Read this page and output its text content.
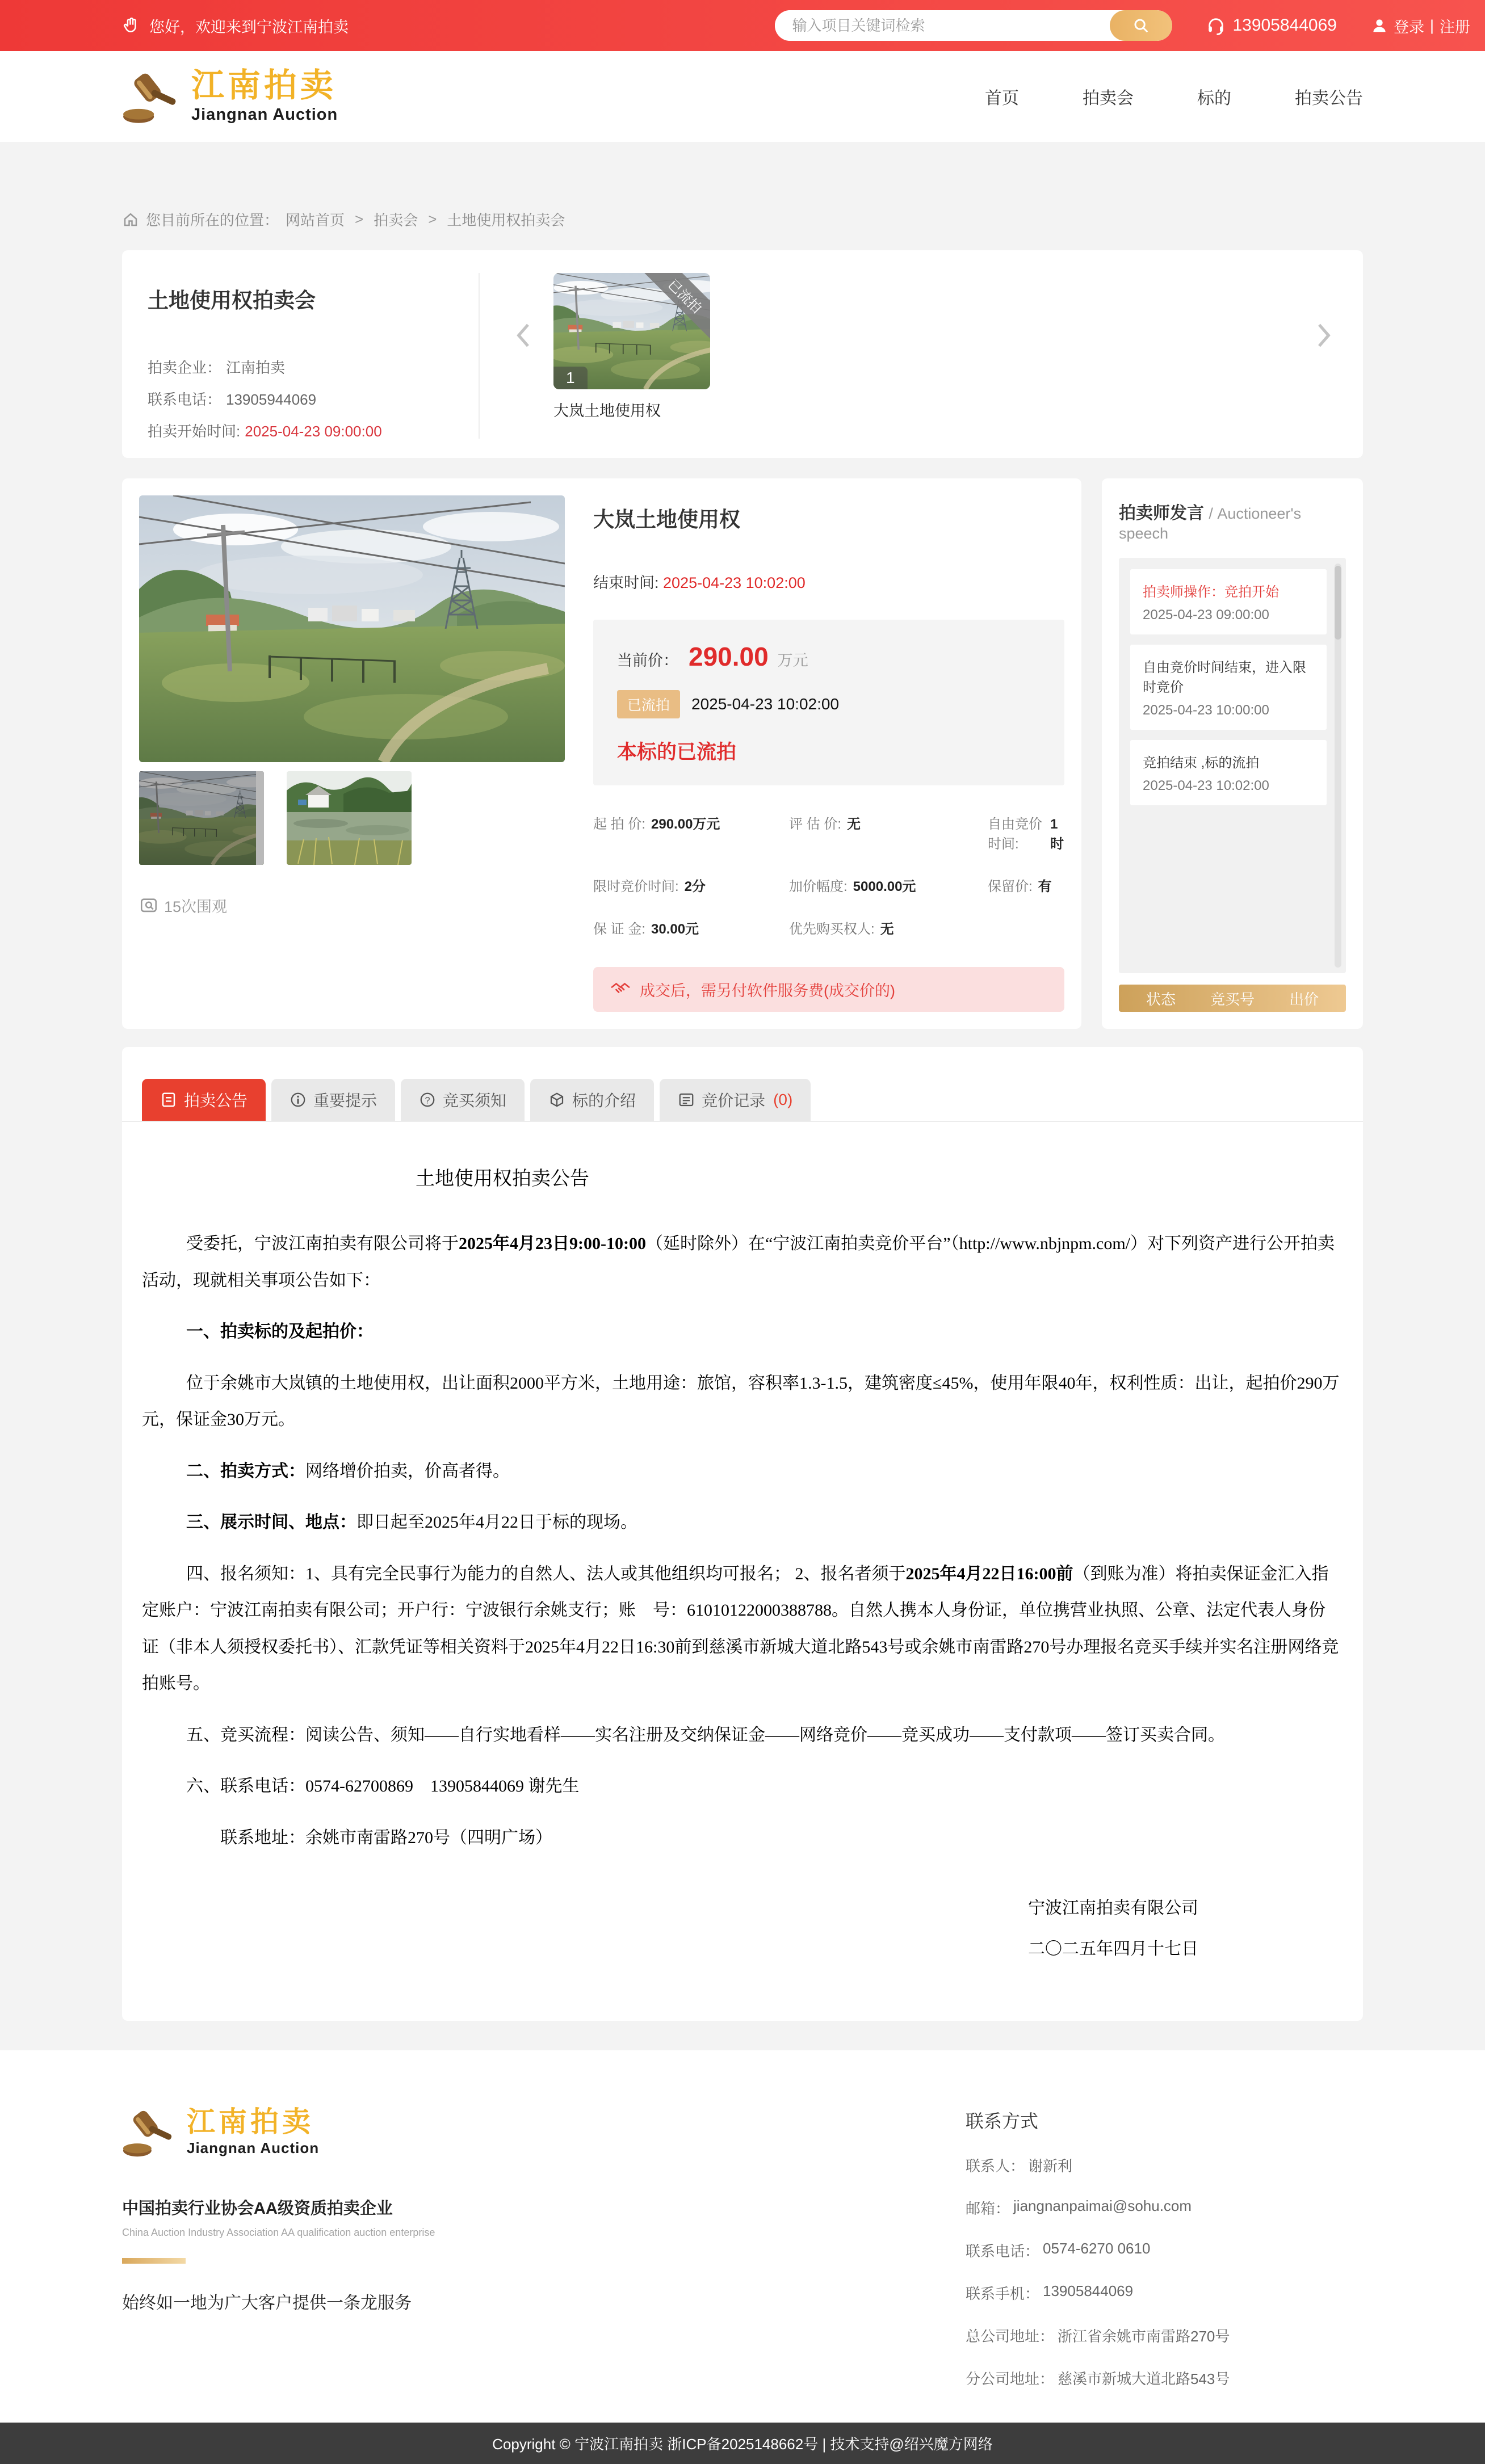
您好，欢迎来到宁波江南拍卖
输入项目关键词检索	13905844069	登录 | 注册
江南拍卖
Jiangnan Auction
首页	拍卖会	标的	拍卖公告
您目前所在的位置： 网站首页 > 拍卖会 > 土地使用权拍卖会
土地使用权拍卖会
拍卖企业： 江南拍卖
联系电话： 13905944069
拍卖开始时间: 2025-04-23 09:00:00
已流拍
1
大岚土地使用权
15次围观
大岚土地使用权
结束时间: 2025-04-23 10:02:00
当前价： 290.00 万元
已流拍	2025-04-23 10:02:00
本标的已流拍
起 拍 价: 290.00万元	评 估 价: 无	自由竞价时间:
1时
限时竞价时间: 2分	加价幅度: 5000.00元	保留价: 有
保 证 金: 30.00元	优先购买权人: 无
成交后，需另付软件服务费(成交价的)
拍卖师发言 / Auctioneer's speech
拍卖师操作：竞拍开始
2025-04-23 09:00:00
自由竞价时间结束，进入限时竞价
2025-04-23 10:00:00
竞拍结束 ,标的流拍
2025-04-23 10:02:00
状态 竞买号 出价
拍卖公告	重要提示	竞买须知	标的介绍	竞价记录 (0)
土地使用权拍卖公告

受委托，宁波江南拍卖有限公司将于2025年4月23日9:00-10:00（延时除外）在“宁波江南拍卖竞价平台”（http://www.nbjnpm.com/）对下列资产进行公开拍卖活动，现就相关事项公告如下：

一、拍卖标的及起拍价：

位于余姚市大岚镇的土地使用权，出让面积2000平方米，土地用途：旅馆，容积率1.3-1.5，建筑密度≤45%，使用年限40年，权利性质：出让，起拍价290万元，保证金30万元。

二、拍卖方式：网络增价拍卖，价高者得。

三、展示时间、地点：即日起至2025年4月22日于标的现场。

四、报名须知：1、具有完全民事行为能力的自然人、法人或其他组织均可报名； 2、报名者须于2025年4月22日16:00前（到账为准）将拍卖保证金汇入指定账户：宁波江南拍卖有限公司；开户行：宁波银行余姚支行；账　号：61010122000388788。自然人携本人身份证，单位携营业执照、公章、法定代表人身份证（非本人须授权委托书）、汇款凭证等相关资料于2025年4月22日16:30前到慈溪市新城大道北路543号或余姚市南雷路270号办理报名竞买手续并实名注册网络竞拍账号。

五、竞买流程：阅读公告、须知——自行实地看样——实名注册及交纳保证金——网络竞价——竞买成功——支付款项——签订买卖合同。

六、联系电话：0574-62700869　13905844069 谢先生

联系地址：余姚市南雷路270号（四明广场）

宁波江南拍卖有限公司
二〇二五年四月十七日
江南拍卖
Jiangnan Auction
中国拍卖行业协会AA级资质拍卖企业
China Auction Industry Association AA qualification auction enterprise
始终如一地为广大客户提供一条龙服务
联系方式
联系人： 谢新利
邮箱： jiangnanpaimai@sohu.com
联系电话： 0574-6270 0610
联系手机： 13905844069
总公司地址： 浙江省余姚市南雷路270号
分公司地址： 慈溪市新城大道北路543号
Copyright © 宁波江南拍卖 浙ICP备2025148662号 | 技术支持@绍兴魔方网络
